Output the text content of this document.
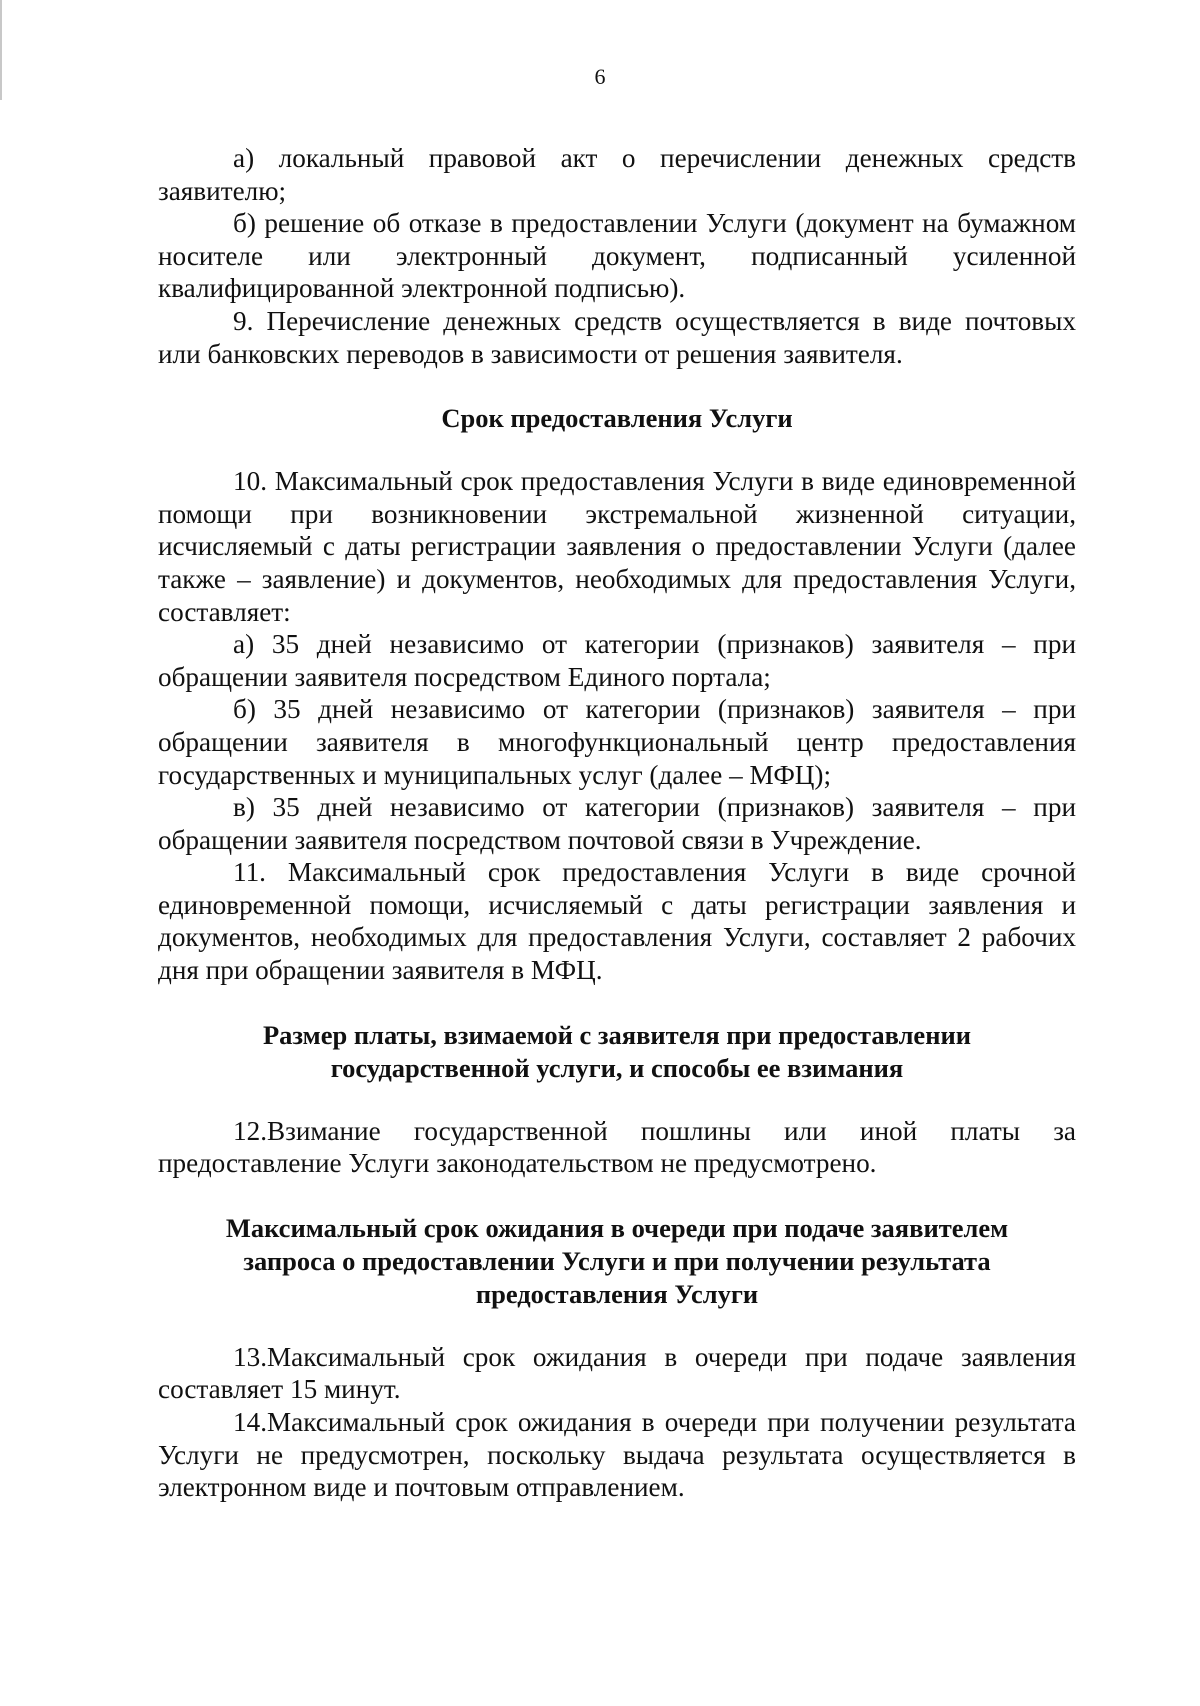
6

а) локальный правовой акт о перечислении денежных средств заявителю;

б) решение об отказе в предоставлении Услуги (документ на бумажном носителе или электронный документ, подписанный усиленной квалифицированной электронной подписью).

9. Перечисление денежных средств осуществляется в виде почтовых или банковских переводов в зависимости от решения заявителя.

Срок предоставления Услуги

10. Максимальный срок предоставления Услуги в виде единовременной помощи при возникновении экстремальной жизненной ситуации, исчисляемый с даты регистрации заявления о предоставлении Услуги (далее также – заявление) и документов, необходимых для предоставления Услуги, составляет:

а) 35 дней независимо от категории (признаков) заявителя – при обращении заявителя посредством Единого портала;

б) 35 дней независимо от категории (признаков) заявителя – при обращении заявителя в многофункциональный центр предоставления государственных и муниципальных услуг (далее – МФЦ);

в) 35 дней независимо от категории (признаков) заявителя – при обращении заявителя посредством почтовой связи в Учреждение.

11. Максимальный срок предоставления Услуги в виде срочной единовременной помощи, исчисляемый с даты регистрации заявления и документов, необходимых для предоставления Услуги, составляет 2 рабочих дня при обращении заявителя в МФЦ.

Размер платы, взимаемой с заявителя при предоставлении
государственной услуги, и способы ее взимания

12.Взимание государственной пошлины или иной платы за предоставление Услуги законодательством не предусмотрено.

Максимальный срок ожидания в очереди при подаче заявителем
запроса о предоставлении Услуги и при получении результата
предоставления Услуги

13.Максимальный срок ожидания в очереди при подаче заявления составляет 15 минут.

14.Максимальный срок ожидания в очереди при получении результата Услуги не предусмотрен, поскольку выдача результата осуществляется в электронном виде и почтовым отправлением.
